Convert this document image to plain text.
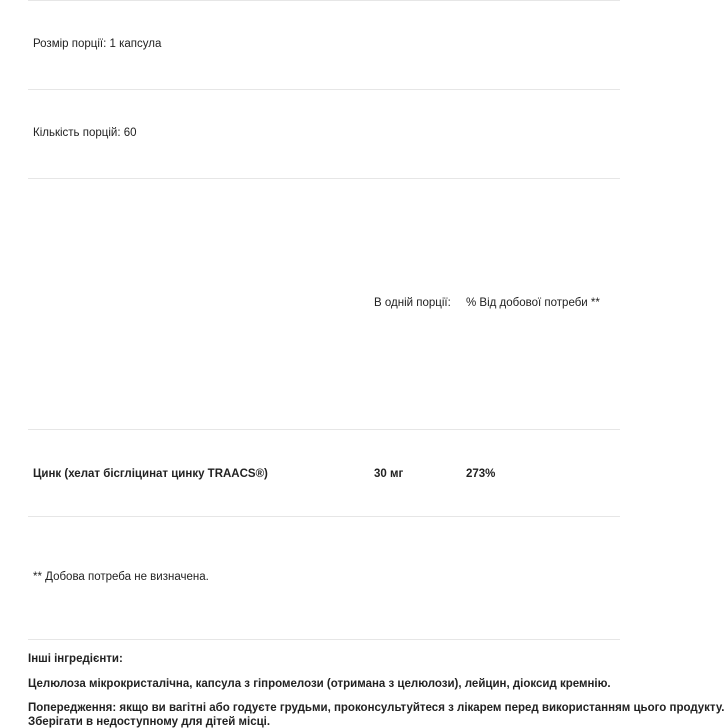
Розмір порції: 1 капсула
Кількість порцій: 60
В одній порції: % Від добової потреби **
Цинк (хелат бісгліцинат цинку TRAACS®)	30 мг	273%
** Добова потреба не визначена.
Інші інгредієнти:
Целюлоза мікрокристалічна, капсула з гіпромелози (отримана з целюлози), лейцин, діоксид кремнію.
Попередження: якщо ви вагітні або годуєте грудьми, проконсультуйтеся з лікарем перед використанням цього продукту.
Зберігати в недоступному для дітей місці.
